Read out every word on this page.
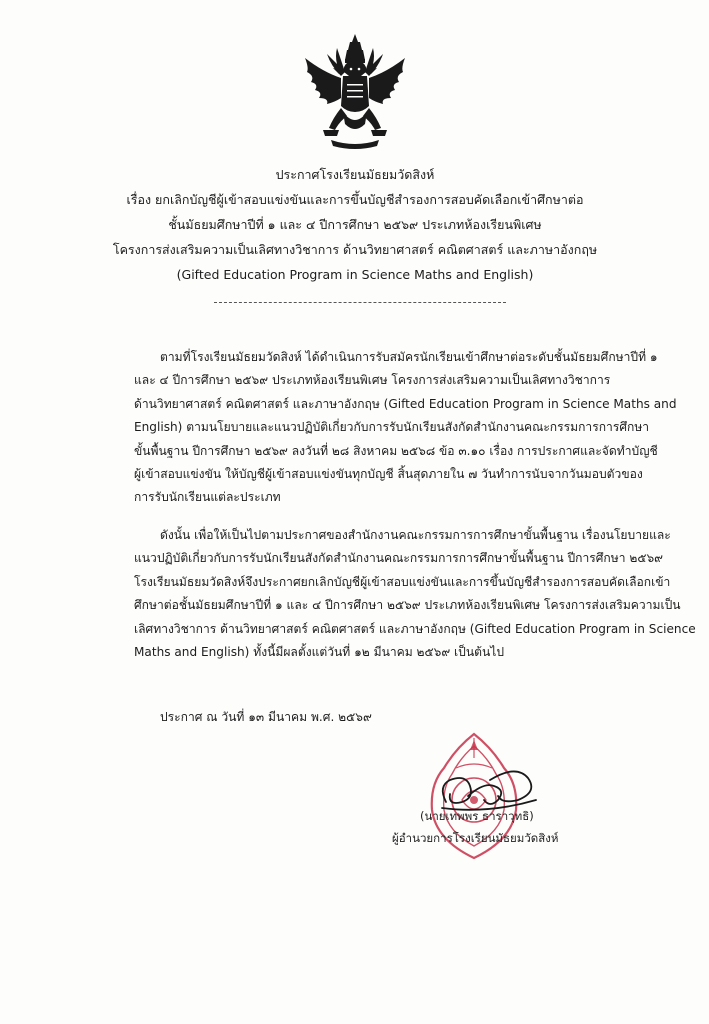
ประกาศโรงเรียนมัธยมวัดสิงห์
เรื่อง ยกเลิกบัญชีผู้เข้าสอบแข่งขันและการขึ้นบัญชีสำรองการสอบคัดเลือกเข้าศึกษาต่อ
ชั้นมัธยมศึกษาปีที่ ๑ และ ๔ ปีการศึกษา ๒๕๖๙ ประเภทห้องเรียนพิเศษ
โครงการส่งเสริมความเป็นเลิศทางวิชาการ ด้านวิทยาศาสตร์ คณิตศาสตร์ และภาษาอังกฤษ
(Gifted Education Program in Science Maths and English)
ตามที่โรงเรียนมัธยมวัดสิงห์ ได้ดำเนินการรับสมัครนักเรียนเข้าศึกษาต่อระดับชั้นมัธยมศึกษาปีที่ ๑
และ ๔ ปีการศึกษา ๒๕๖๙ ประเภทห้องเรียนพิเศษ โครงการส่งเสริมความเป็นเลิศทางวิชาการ
ด้านวิทยาศาสตร์ คณิตศาสตร์ และภาษาอังกฤษ (Gifted Education Program in Science Maths and
English) ตามนโยบายและแนวปฏิบัติเกี่ยวกับการรับนักเรียนสังกัดสำนักงานคณะกรรมการการศึกษา
ขั้นพื้นฐาน ปีการศึกษา ๒๕๖๙ ลงวันที่ ๒๘ สิงหาคม ๒๕๖๘ ข้อ ๓.๑๐ เรื่อง การประกาศและจัดทำบัญชี
ผู้เข้าสอบแข่งขัน ให้บัญชีผู้เข้าสอบแข่งขันทุกบัญชี สิ้นสุดภายใน ๗ วันทำการนับจากวันมอบตัวของ
การรับนักเรียนแต่ละประเภท
ดังนั้น เพื่อให้เป็นไปตามประกาศของสำนักงานคณะกรรมการการศึกษาขั้นพื้นฐาน เรื่องนโยบายและ
แนวปฏิบัติเกี่ยวกับการรับนักเรียนสังกัดสำนักงานคณะกรรมการการศึกษาขั้นพื้นฐาน ปีการศึกษา ๒๕๖๙
โรงเรียนมัธยมวัดสิงห์จึงประกาศยกเลิกบัญชีผู้เข้าสอบแข่งขันและการขึ้นบัญชีสำรองการสอบคัดเลือกเข้า
ศึกษาต่อชั้นมัธยมศึกษาปีที่ ๑ และ ๔ ปีการศึกษา ๒๕๖๙ ประเภทห้องเรียนพิเศษ โครงการส่งเสริมความเป็น
เลิศทางวิชาการ ด้านวิทยาศาสตร์ คณิตศาสตร์ และภาษาอังกฤษ (Gifted Education Program in Science
Maths and English) ทั้งนี้มีผลตั้งแต่วันที่ ๑๒ มีนาคม ๒๕๖๙ เป็นต้นไป
ประกาศ ณ วันที่ ๑๓ มีนาคม พ.ศ. ๒๕๖๙
(นายเทพพร ธาราวุทธิ)
ผู้อำนวยการโรงเรียนมัธยมวัดสิงห์
